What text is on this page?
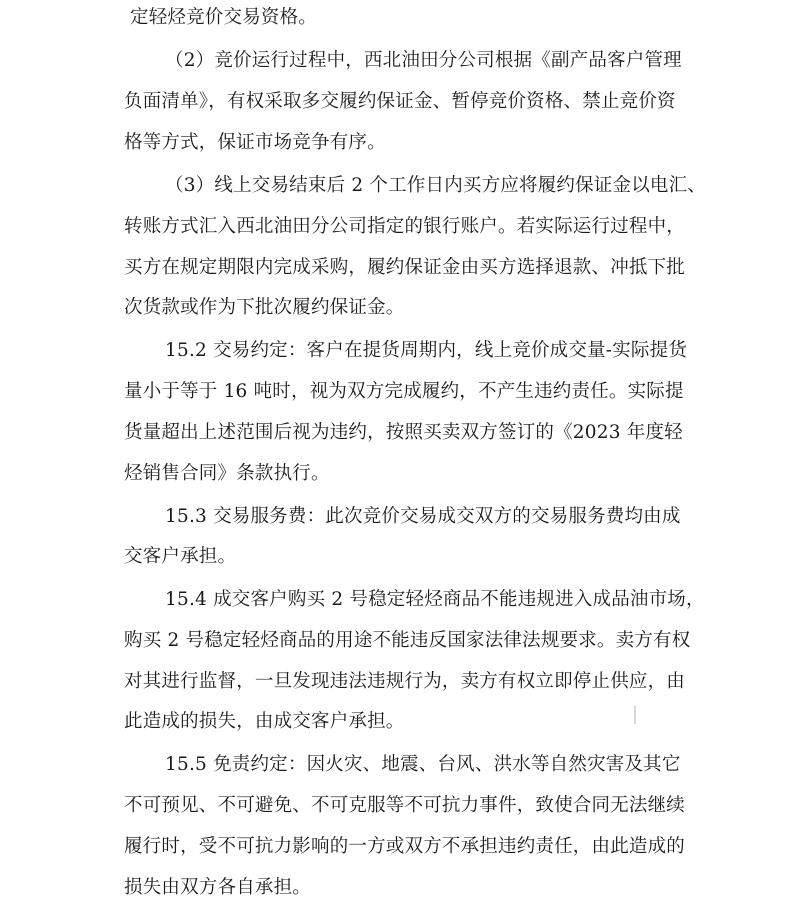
定轻烃竞价交易资格。
（2）竞价运行过程中，西北油田分公司根据《副产品客户管理
负面清单》，有权采取多交履约保证金、暂停竞价资格、禁止竞价资
格等方式，保证市场竞争有序。
（3）线上交易结束后 2 个工作日内买方应将履约保证金以电汇、
转账方式汇入西北油田分公司指定的银行账户。若实际运行过程中，
买方在规定期限内完成采购，履约保证金由买方选择退款、冲抵下批
次货款或作为下批次履约保证金。
15.2 交易约定：客户在提货周期内，线上竞价成交量-实际提货
量小于等于 16 吨时，视为双方完成履约，不产生违约责任。实际提
货量超出上述范围后视为违约，按照买卖双方签订的《2023 年度轻
烃销售合同》条款执行。
15.3 交易服务费：此次竞价交易成交双方的交易服务费均由成
交客户承担。
15.4 成交客户购买 2 号稳定轻烃商品不能违规进入成品油市场，
购买 2 号稳定轻烃商品的用途不能违反国家法律法规要求。卖方有权
对其进行监督，一旦发现违法违规行为，卖方有权立即停止供应，由
此造成的损失，由成交客户承担。
15.5 免责约定：因火灾、地震、台风、洪水等自然灾害及其它
不可预见、不可避免、不可克服等不可抗力事件，致使合同无法继续
履行时，受不可抗力影响的一方或双方不承担违约责任，由此造成的
损失由双方各自承担。
